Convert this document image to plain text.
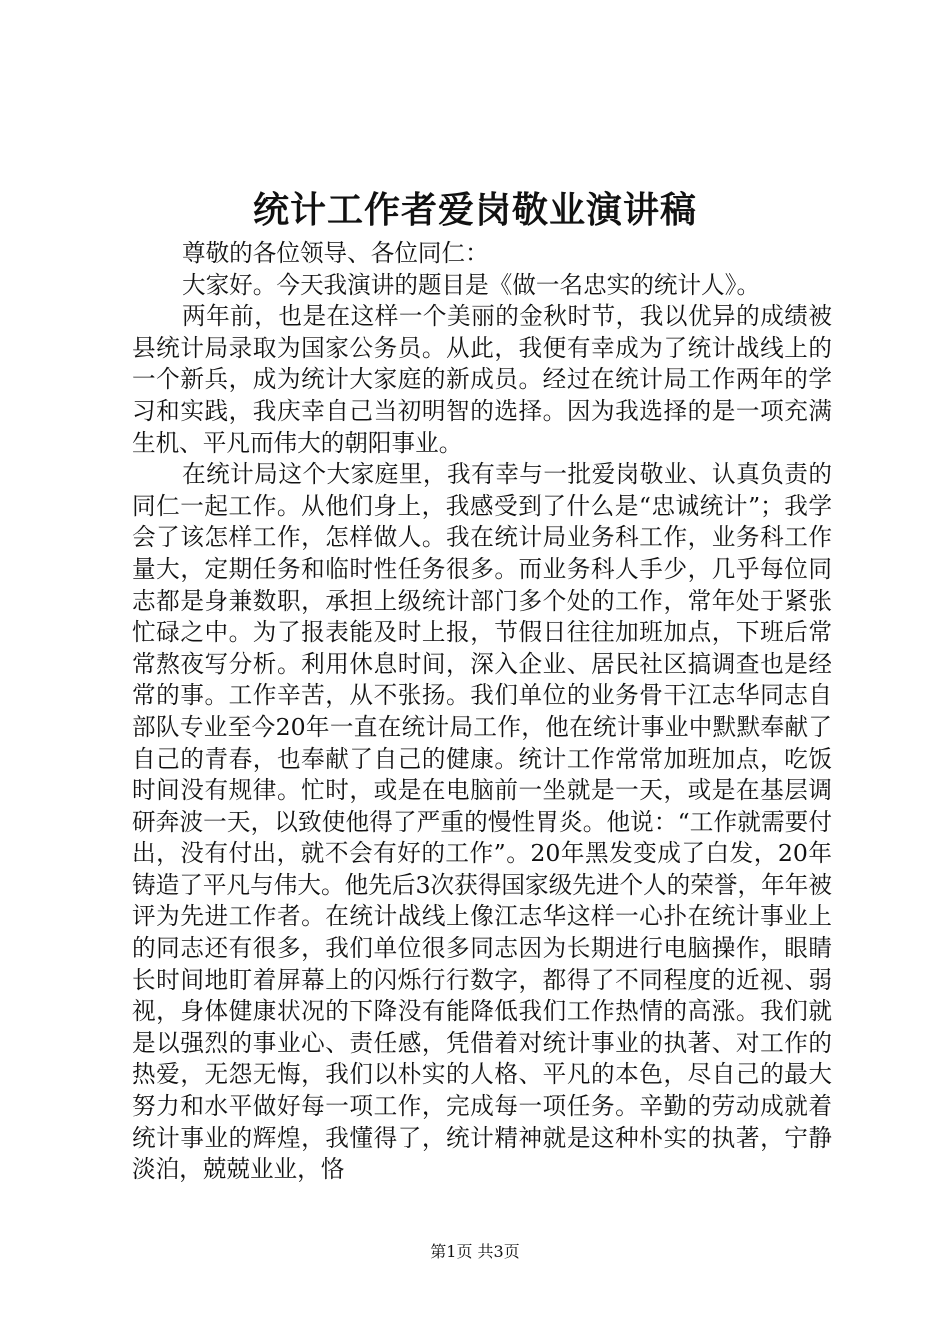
统计工作者爱岗敬业演讲稿

尊敬的各位领导、各位同仁：

大家好。今天我演讲的题目是《做一名忠实的统计人》。

两年前，也是在这样一个美丽的金秋时节，我以优异的成绩被县统计局录取为国家公务员。从此，我便有幸成为了统计战线上的一个新兵，成为统计大家庭的新成员。经过在统计局工作两年的学习和实践，我庆幸自己当初明智的选择。因为我选择的是一项充满生机、平凡而伟大的朝阳事业。

在统计局这个大家庭里，我有幸与一批爱岗敬业、认真负责的同仁一起工作。从他们身上，我感受到了什么是“忠诚统计”；我学会了该怎样工作，怎样做人。我在统计局业务科工作，业务科工作量大，定期任务和临时性任务很多。而业务科人手少，几乎每位同志都是身兼数职，承担上级统计部门多个处的工作，常年处于紧张忙碌之中。为了报表能及时上报，节假日往往加班加点，下班后常常熬夜写分析。利用休息时间，深入企业、居民社区搞调查也是经常的事。工作辛苦，从不张扬。我们单位的业务骨干江志华同志自部队专业至今20年一直在统计局工作，他在统计事业中默默奉献了自己的青春，也奉献了自己的健康。统计工作常常加班加点，吃饭时间没有规律。忙时，或是在电脑前一坐就是一天，或是在基层调研奔波一天，以致使他得了严重的慢性胃炎。他说：“工作就需要付出，没有付出，就不会有好的工作”。20年黑发变成了白发，20年铸造了平凡与伟大。他先后3次获得国家级先进个人的荣誉，年年被评为先进工作者。在统计战线上像江志华这样一心扑在统计事业上的同志还有很多，我们单位很多同志因为长期进行电脑操作，眼睛长时间地盯着屏幕上的闪烁行行数字，都得了不同程度的近视、弱视，身体健康状况的下降没有能降低我们工作热情的高涨。我们就是以强烈的事业心、责任感，凭借着对统计事业的执著、对工作的热爱，无怨无悔，我们以朴实的人格、平凡的本色，尽自己的最大努力和水平做好每一项工作，完成每一项任务。辛勤的劳动成就着统计事业的辉煌，我懂得了，统计精神就是这种朴实的执著，宁静淡泊，兢兢业业，恪

第1页 共3页
